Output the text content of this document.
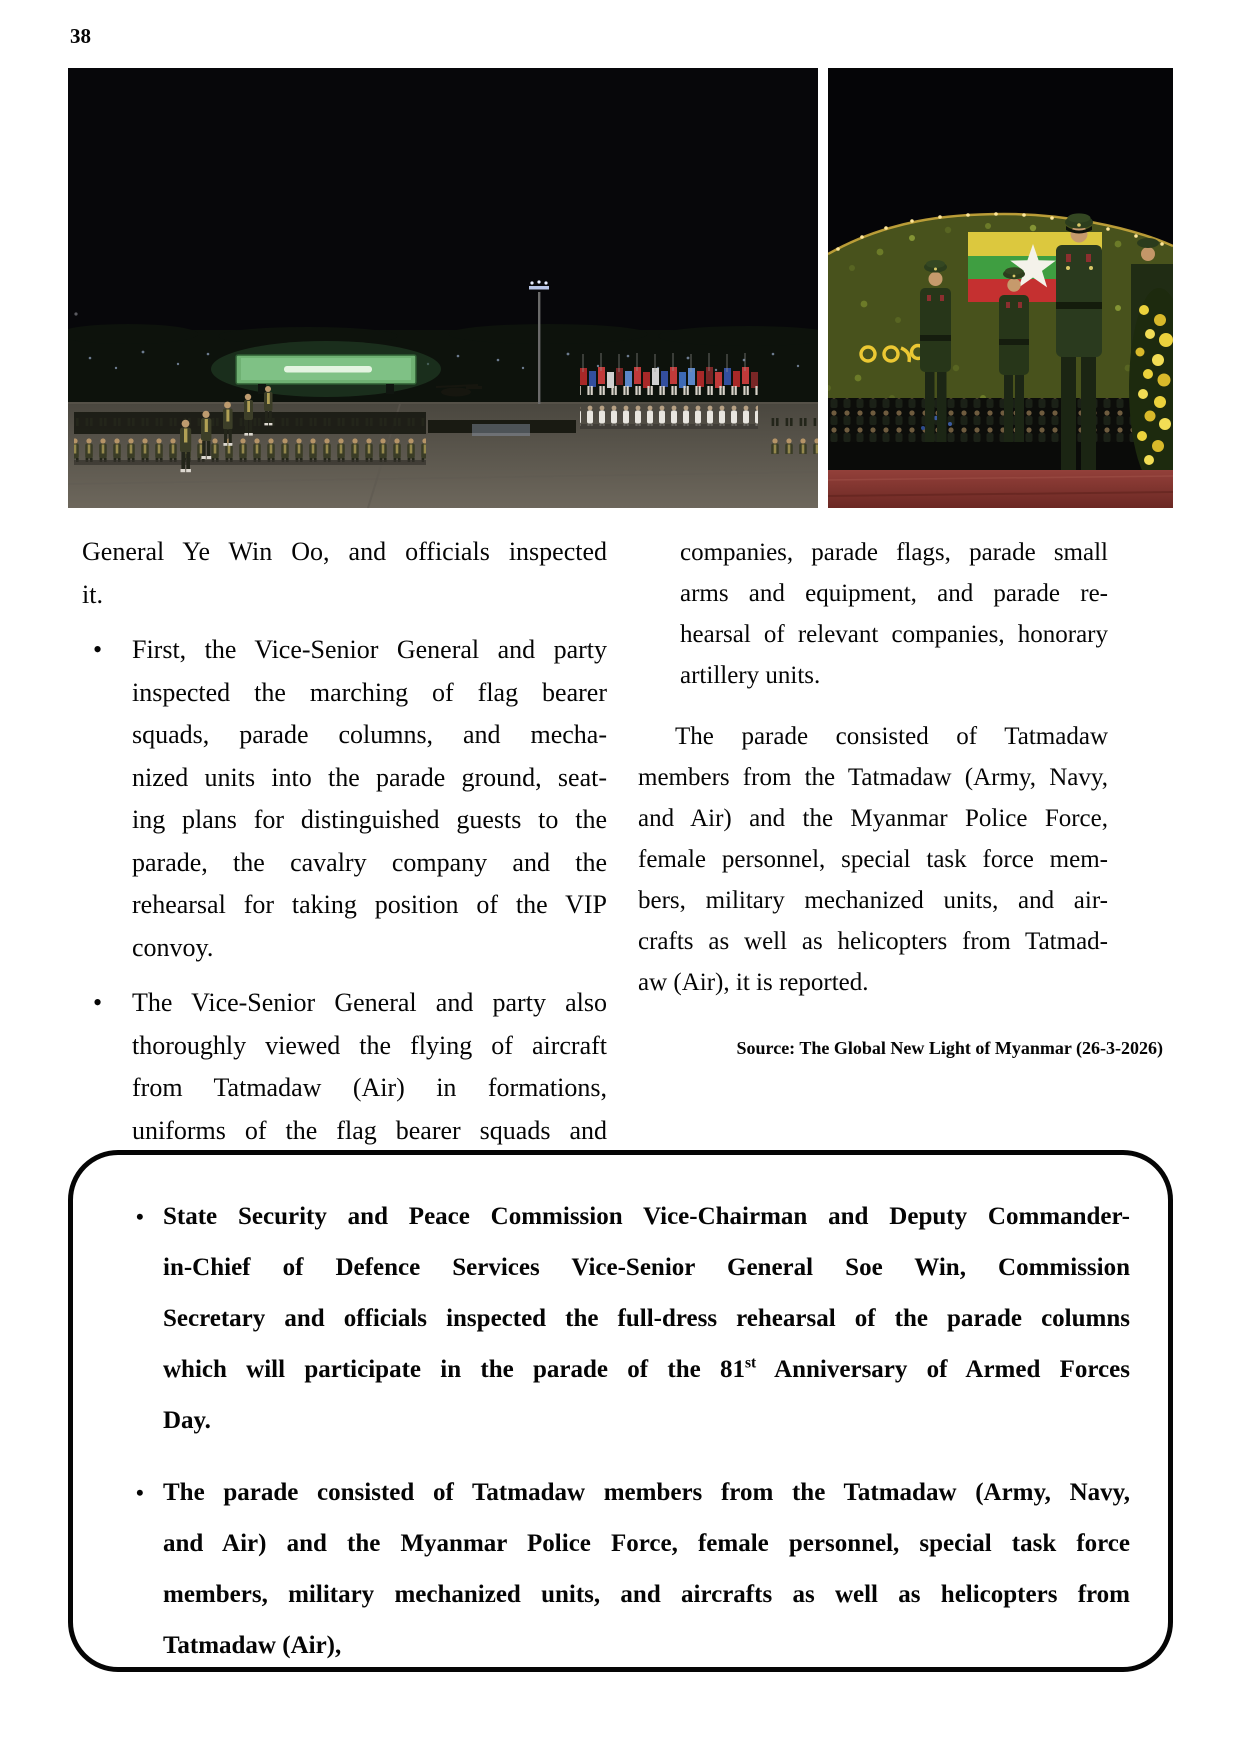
38
General Ye Win Oo, and officials inspected
it.
• First, the Vice-Senior General and party
inspected the marching of flag bearer
squads, parade columns, and mecha-
nized units into the parade ground, seat-
ing plans for distinguished guests to the
parade, the cavalry company and the
rehearsal for taking position of the VIP
convoy.
• The Vice-Senior General and party also
thoroughly viewed the flying of aircraft
from Tatmadaw (Air) in formations,
uniforms of the flag bearer squads and
companies, parade flags, parade small
arms and equipment, and parade re-
hearsal of relevant companies, honorary
artillery units.
The parade consisted of Tatmadaw
members from the Tatmadaw (Army, Navy,
and Air) and the Myanmar Police Force,
female personnel, special task force mem-
bers, military mechanized units, and air-
crafts as well as helicopters from Tatmad-
aw (Air), it is reported.
Source: The Global New Light of Myanmar (26-3-2026)
• State Security and Peace Commission Vice-Chairman and Deputy Commander-
in-Chief of Defence Services Vice-Senior General Soe Win, Commission
Secretary and officials inspected the full-dress rehearsal of the parade columns
which will participate in the parade of the 81st Anniversary of Armed Forces
Day.
• The parade consisted of Tatmadaw members from the Tatmadaw (Army, Navy,
and Air) and the Myanmar Police Force, female personnel, special task force
members, military mechanized units, and aircrafts as well as helicopters from
Tatmadaw (Air),
